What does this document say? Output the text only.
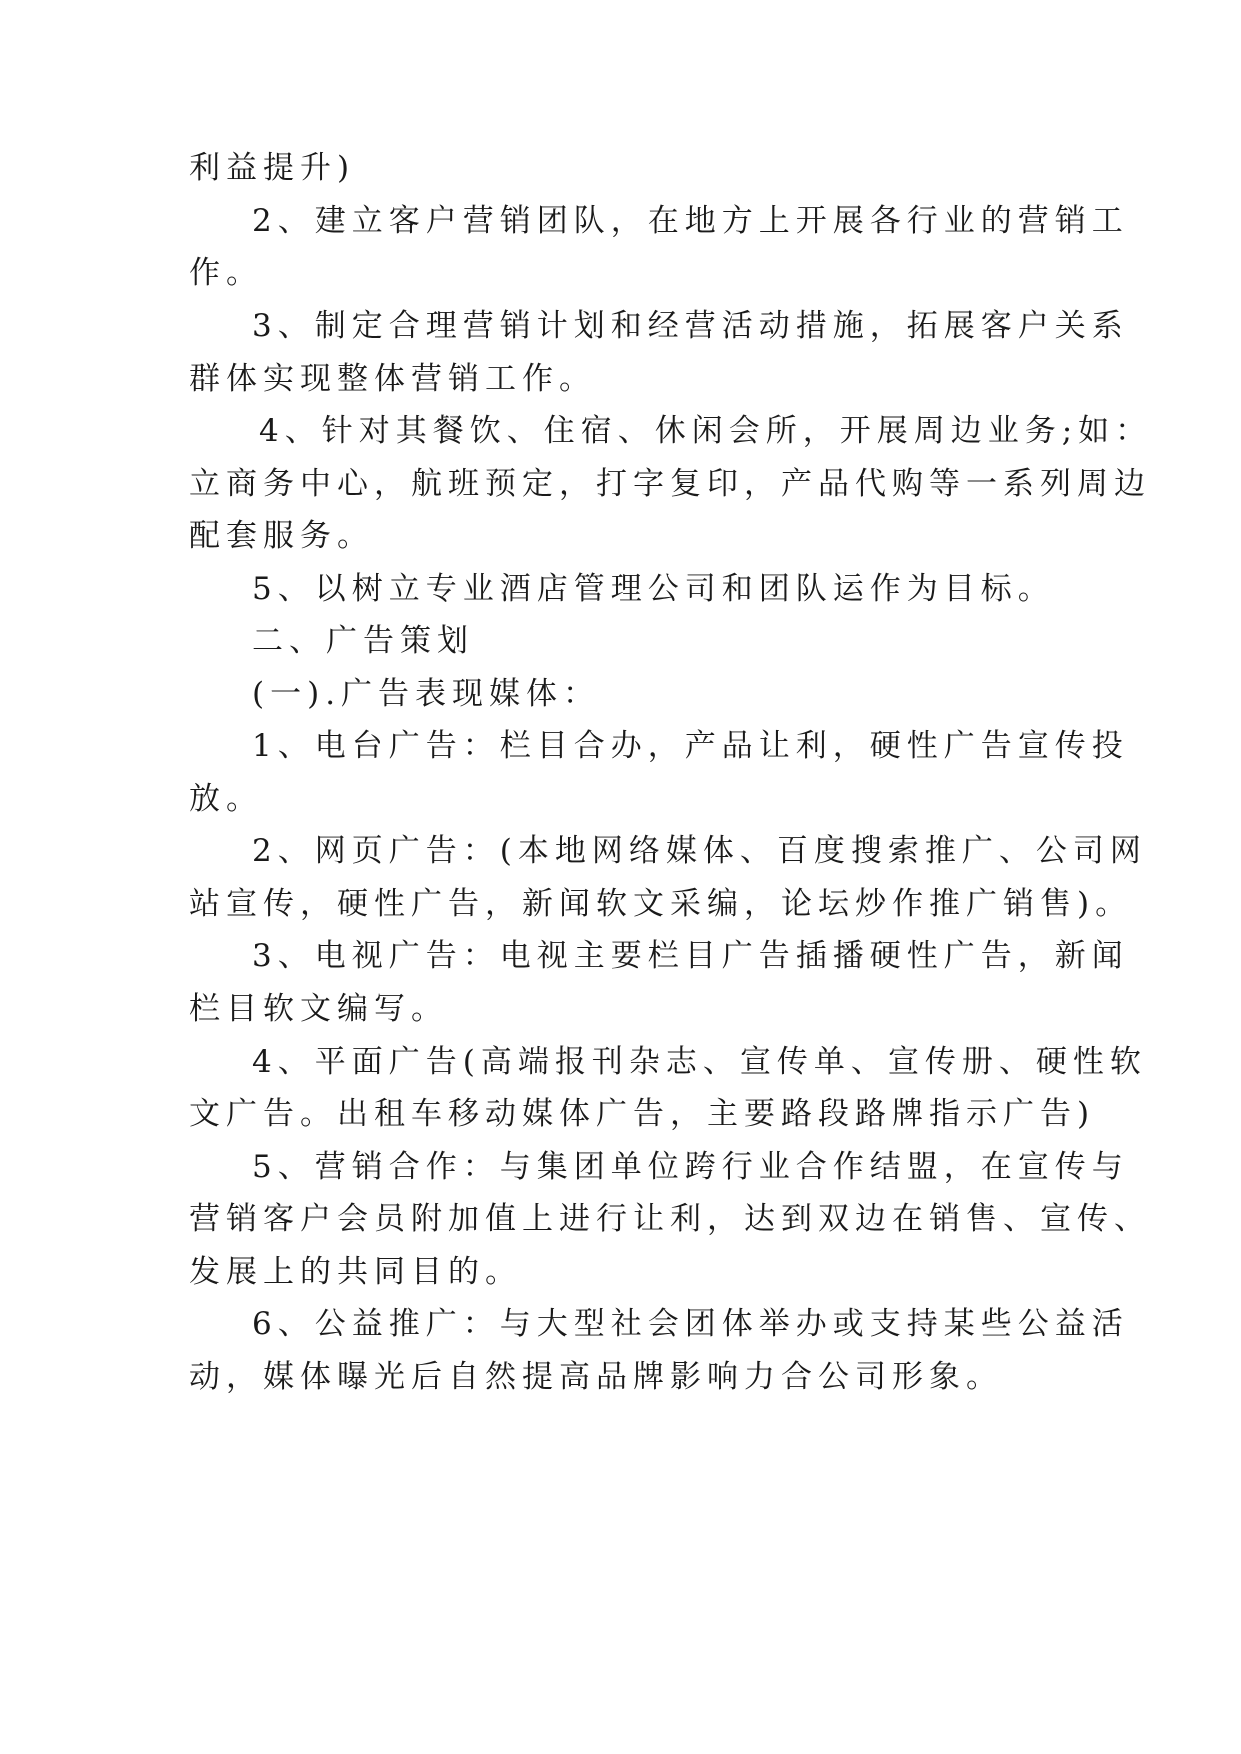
利益提升)

2、建立客户营销团队，在地方上开展各行业的营销工

作。

3、制定合理营销计划和经营活动措施，拓展客户关系

群体实现整体营销工作。

4、针对其餐饮、住宿、休闲会所，开展周边业务;如：

立商务中心，航班预定，打字复印，产品代购等一系列周边

配套服务。

5、以树立专业酒店管理公司和团队运作为目标。

二、广告策划

(一).广告表现媒体：

1、电台广告：栏目合办，产品让利，硬性广告宣传投

放。

2、网页广告：(本地网络媒体、百度搜索推广、公司网

站宣传，硬性广告，新闻软文采编，论坛炒作推广销售)。

3、电视广告：电视主要栏目广告插播硬性广告，新闻

栏目软文编写。

4、平面广告(高端报刊杂志、宣传单、宣传册、硬性软

文广告。出租车移动媒体广告，主要路段路牌指示广告)

5、营销合作：与集团单位跨行业合作结盟，在宣传与

营销客户会员附加值上进行让利，达到双边在销售、宣传、

发展上的共同目的。

6、公益推广：与大型社会团体举办或支持某些公益活

动，媒体曝光后自然提高品牌影响力合公司形象。
